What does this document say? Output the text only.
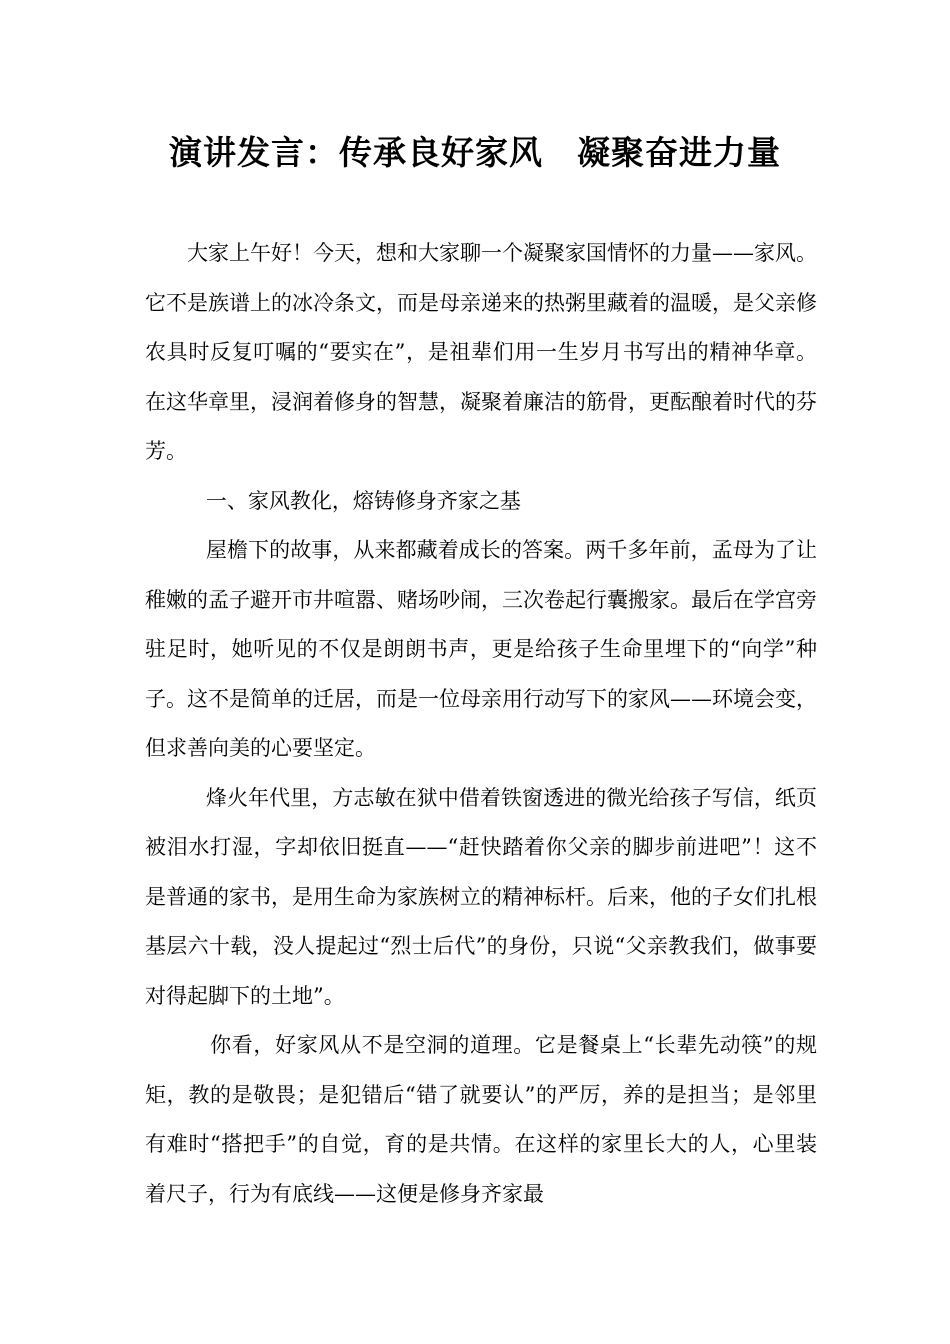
演讲发言：传承良好家风　凝聚奋进力量

大家上午好！今天，想和大家聊一个凝聚家国情怀的力量——家风。它不是族谱上的冰冷条文，而是母亲递来的热粥里藏着的温暖，是父亲修农具时反复叮嘱的“要实在”，是祖辈们用一生岁月书写出的精神华章。在这华章里，浸润着修身的智慧，凝聚着廉洁的筋骨，更酝酿着时代的芬芳。

一、家风教化，熔铸修身齐家之基

屋檐下的故事，从来都藏着成长的答案。两千多年前，孟母为了让稚嫩的孟子避开市井喧嚣、赌场吵闹，三次卷起行囊搬家。最后在学宫旁驻足时，她听见的不仅是朗朗书声，更是给孩子生命里埋下的“向学”种子。这不是简单的迁居，而是一位母亲用行动写下的家风——环境会变，但求善向美的心要坚定。

烽火年代里，方志敏在狱中借着铁窗透进的微光给孩子写信，纸页被泪水打湿，字却依旧挺直——“赶快踏着你父亲的脚步前进吧”！这不是普通的家书，是用生命为家族树立的精神标杆。后来，他的子女们扎根基层六十载，没人提起过“烈士后代”的身份，只说“父亲教我们，做事要对得起脚下的土地”。

你看，好家风从不是空洞的道理。它是餐桌上“长辈先动筷”的规矩，教的是敬畏；是犯错后“错了就要认”的严厉，养的是担当；是邻里有难时“搭把手”的自觉，育的是共情。在这样的家里长大的人，心里装着尺子，行为有底线——这便是修身齐家最
